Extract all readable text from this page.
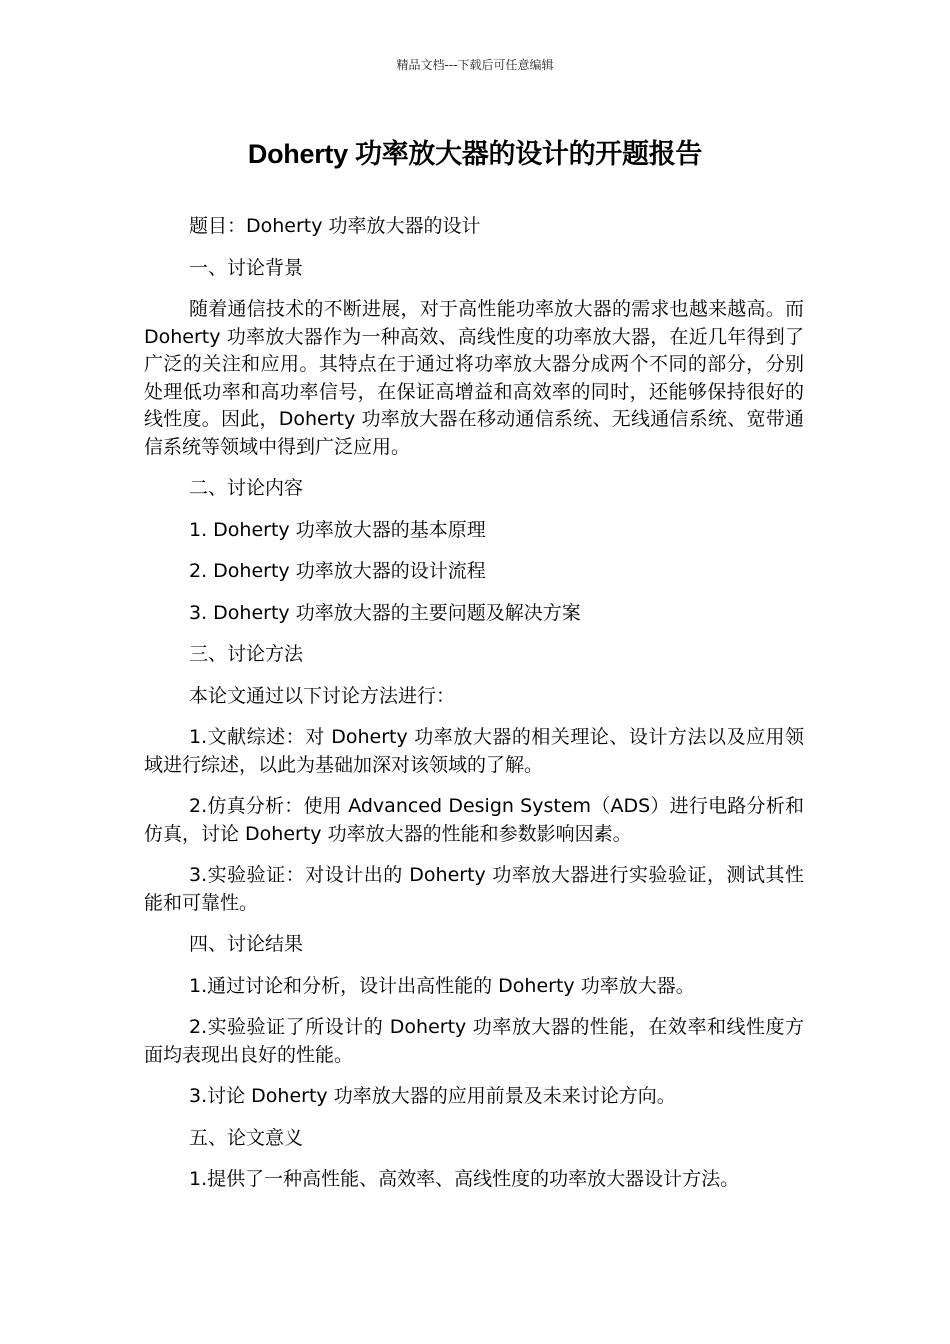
精品文档---下载后可任意编辑
Doherty 功率放大器的设计的开题报告

题目：Doherty 功率放大器的设计

一、讨论背景

随着通信技术的不断进展，对于高性能功率放大器的需求也越来越高。而 Doherty 功率放大器作为一种高效、高线性度的功率放大器，在近几年得到了广泛的关注和应用。其特点在于通过将功率放大器分成两个不同的部分，分别处理低功率和高功率信号，在保证高增益和高效率的同时，还能够保持很好的线性度。因此，Doherty 功率放大器在移动通信系统、无线通信系统、宽带通信系统等领域中得到广泛应用。

二、讨论内容

1. Doherty 功率放大器的基本原理

2. Doherty 功率放大器的设计流程

3. Doherty 功率放大器的主要问题及解决方案

三、讨论方法

本论文通过以下讨论方法进行：

1.文献综述：对 Doherty 功率放大器的相关理论、设计方法以及应用领域进行综述，以此为基础加深对该领域的了解。

2.仿真分析：使用 Advanced Design System（ADS）进行电路分析和仿真，讨论 Doherty 功率放大器的性能和参数影响因素。

3.实验验证：对设计出的 Doherty 功率放大器进行实验验证，测试其性能和可靠性。

四、讨论结果

1.通过讨论和分析，设计出高性能的 Doherty 功率放大器。

2.实验验证了所设计的 Doherty 功率放大器的性能，在效率和线性度方面均表现出良好的性能。

3.讨论 Doherty 功率放大器的应用前景及未来讨论方向。

五、论文意义

1.提供了一种高性能、高效率、高线性度的功率放大器设计方法。
